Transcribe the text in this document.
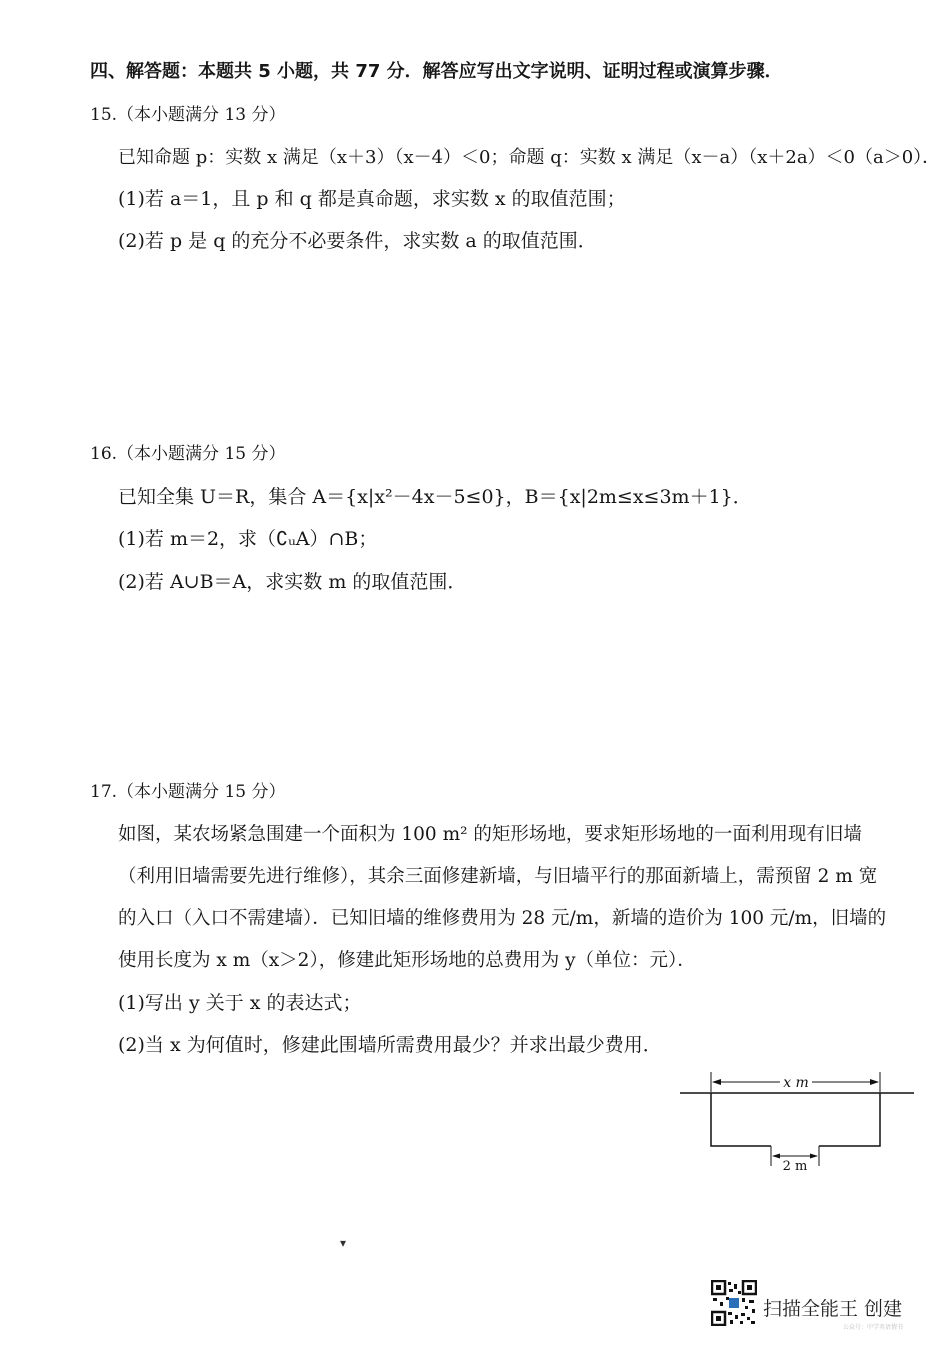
四、解答题：本题共 5 小题，共 77 分．解答应写出文字说明、证明过程或演算步骤．
15.（本小题满分 13 分）
已知命题 p：实数 x 满足（x＋3）（x－4）＜0；命题 q：实数 x 满足（x－a）（x＋2a）＜0（a＞0）．
(1)若 a＝1，且 p 和 q 都是真命题，求实数 x 的取值范围；
(2)若 p 是 q 的充分不必要条件，求实数 a 的取值范围．
16.（本小题满分 15 分）
已知全集 U＝R，集合 A＝{x|x²－4x－5≤0}，B＝{x|2m≤x≤3m＋1}．
(1)若 m＝2，求（∁ᵤA）∩B；
(2)若 A∪B＝A，求实数 m 的取值范围．
17.（本小题满分 15 分）
如图，某农场紧急围建一个面积为 100 m² 的矩形场地，要求矩形场地的一面利用现有旧墙
（利用旧墙需要先进行维修），其余三面修建新墙，与旧墙平行的那面新墙上，需预留 2 m 宽
的入口（入口不需建墙）．已知旧墙的维修费用为 28 元/m，新墙的造价为 100 元/m，旧墙的
使用长度为 x m（x＞2），修建此矩形场地的总费用为 y（单位：元）．
(1)写出 y 关于 x 的表达式；
(2)当 x 为何值时，修建此围墙所需费用最少？并求出最少费用．
x m
2 m
▾
扫描全能王 创建
公众号：中学英语情书
